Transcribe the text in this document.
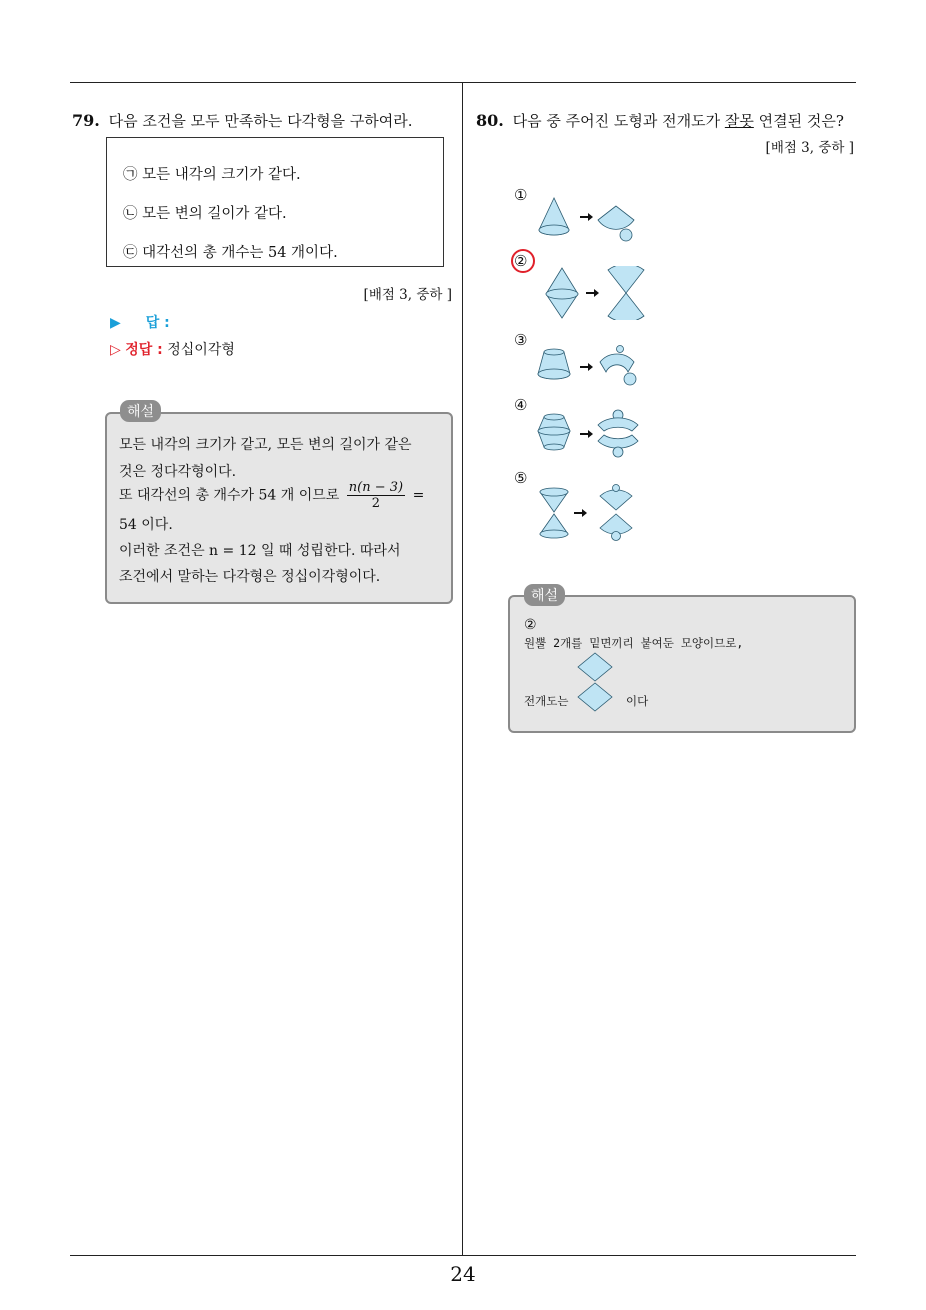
79. 다음 조건을 모두 만족하는 다각형을 구하여라.
㉠ 모든 내각의 크기가 같다.
㉡ 모든 변의 길이가 같다.
㉢ 대각선의 총 개수는 54 개이다.
[배점 3, 중하 ]
▶ 답 :
▷ 정답 : 정십이각형
모든 내각의 크기가 같고, 모든 변의 길이가 같은
것은 정다각형이다.
또 대각선의 총 개수가 54 개 이므로 $\frac{n(n - 3)}{2}$ =
54 이다.
이러한 조건은 n = 12 일 때 성립한다. 따라서
조건에서 말하는 다각형은 정십이각형이다.
해설
80. 다음 중 주어진 도형과 전개도가 잘못 연결된 것은?
[배점 3, 중하 ]
①
②
③
④
⑤
②
원뿔 2개를 밑면끼리 붙여둔 모양이므로,
전개도는	이다
해설
24
